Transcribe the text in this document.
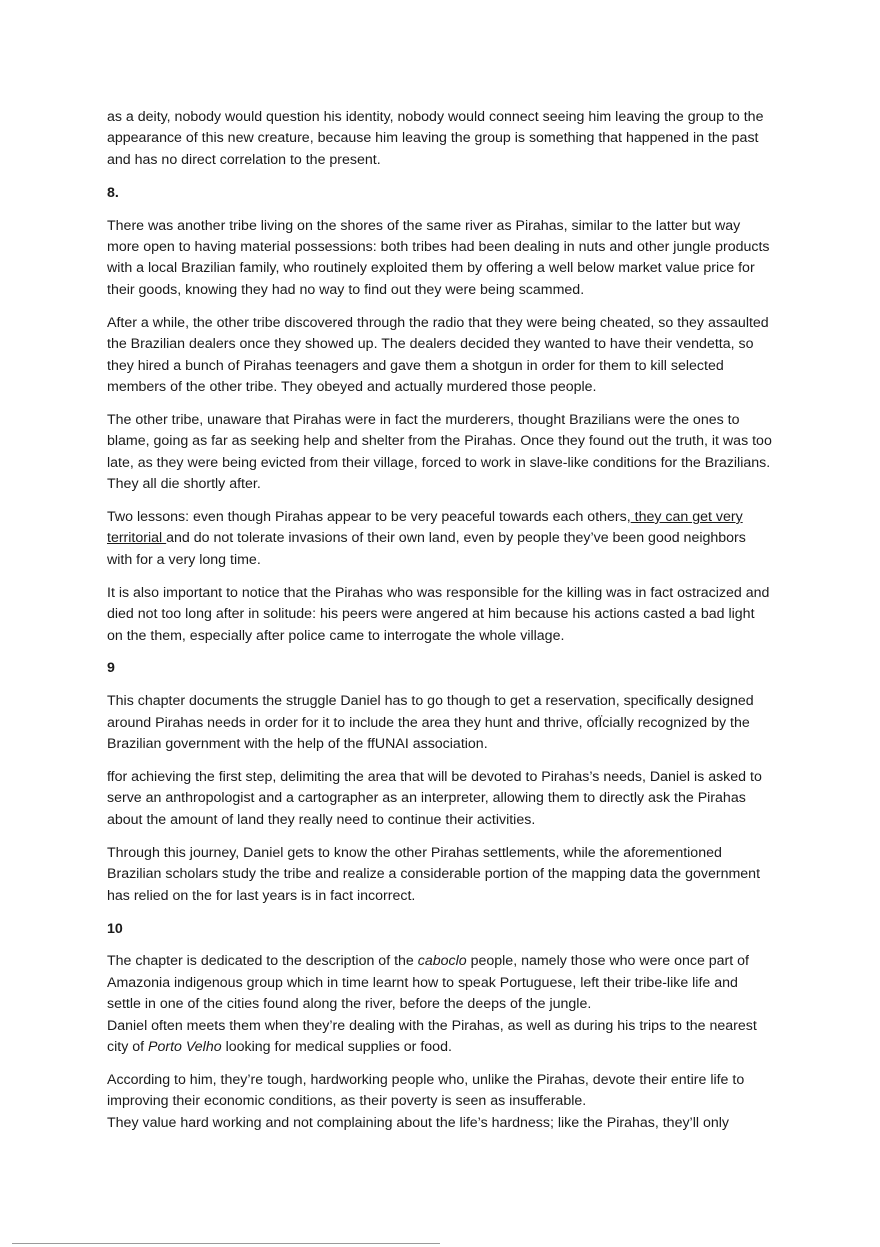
as a deity, nobody would question his identity, nobody would connect seeing him leaving the group to the appearance of this new creature, because him leaving the group is something that happened in the past and has no direct correlation to the present.

8.

There was another tribe living on the shores of the same river as Pirahas, similar to the latter but way more open to having material possessions: both tribes had been dealing in nuts and other jungle products with a local Brazilian family, who routinely exploited them by offering a well below market value price for their goods, knowing they had no way to find out they were being scammed.

After a while, the other tribe discovered through the radio that they were being cheated, so they assaulted the Brazilian dealers once they showed up. The dealers decided they wanted to have their vendetta, so they hired a bunch of Pirahas teenagers and gave them a shotgun in order for them to kill selected members of the other tribe. They obeyed and actually murdered those people.

The other tribe, unaware that Pirahas were in fact the murderers, thought Brazilians were the ones to blame, going as far as seeking help and shelter from the Pirahas. Once they found out the truth, it was too late, as they were being evicted from their village, forced to work in slave-like conditions for the Brazilians. They all die shortly after.

Two lessons: even though Pirahas appear to be very peaceful towards each others, they can get very territorial and do not tolerate invasions of their own land, even by people they’ve been good neighbors with for a very long time.

It is also important to notice that the Pirahas who was responsible for the killing was in fact ostracized and died not too long after in solitude: his peers were angered at him because his actions casted a bad light on the them, especially after police came to interrogate the whole village.

9

This chapter documents the struggle Daniel has to go though to get a reservation, specifically designed around Pirahas needs in order for it to include the area they hunt and thrive, ofÏcially recognized by the Brazilian government with the help of the ffUNAI association.

ffor achieving the first step, delimiting the area that will be devoted to Pirahas’s needs, Daniel is asked to serve an anthropologist and a cartographer as an interpreter, allowing them to directly ask the Pirahas about the amount of land they really need to continue their activities.

Through this journey, Daniel gets to know the other Pirahas settlements, while the aforementioned Brazilian scholars study the tribe and realize a considerable portion of the mapping data the government has relied on the for last years is in fact incorrect.

10

The chapter is dedicated to the description of the caboclo people, namely those who were once part of Amazonia indigenous group which in time learnt how to speak Portuguese, left their tribe-like life and settle in one of the cities found along the river, before the deeps of the jungle.

Daniel often meets them when they’re dealing with the Pirahas, as well as during his trips to the nearest city of Porto Velho looking for medical supplies or food.

According to him, they’re tough, hardworking people who, unlike the Pirahas, devote their entire life to improving their economic conditions, as their poverty is seen as insufferable.

They value hard working and not complaining about the life’s hardness; like the Pirahas, they’ll only
